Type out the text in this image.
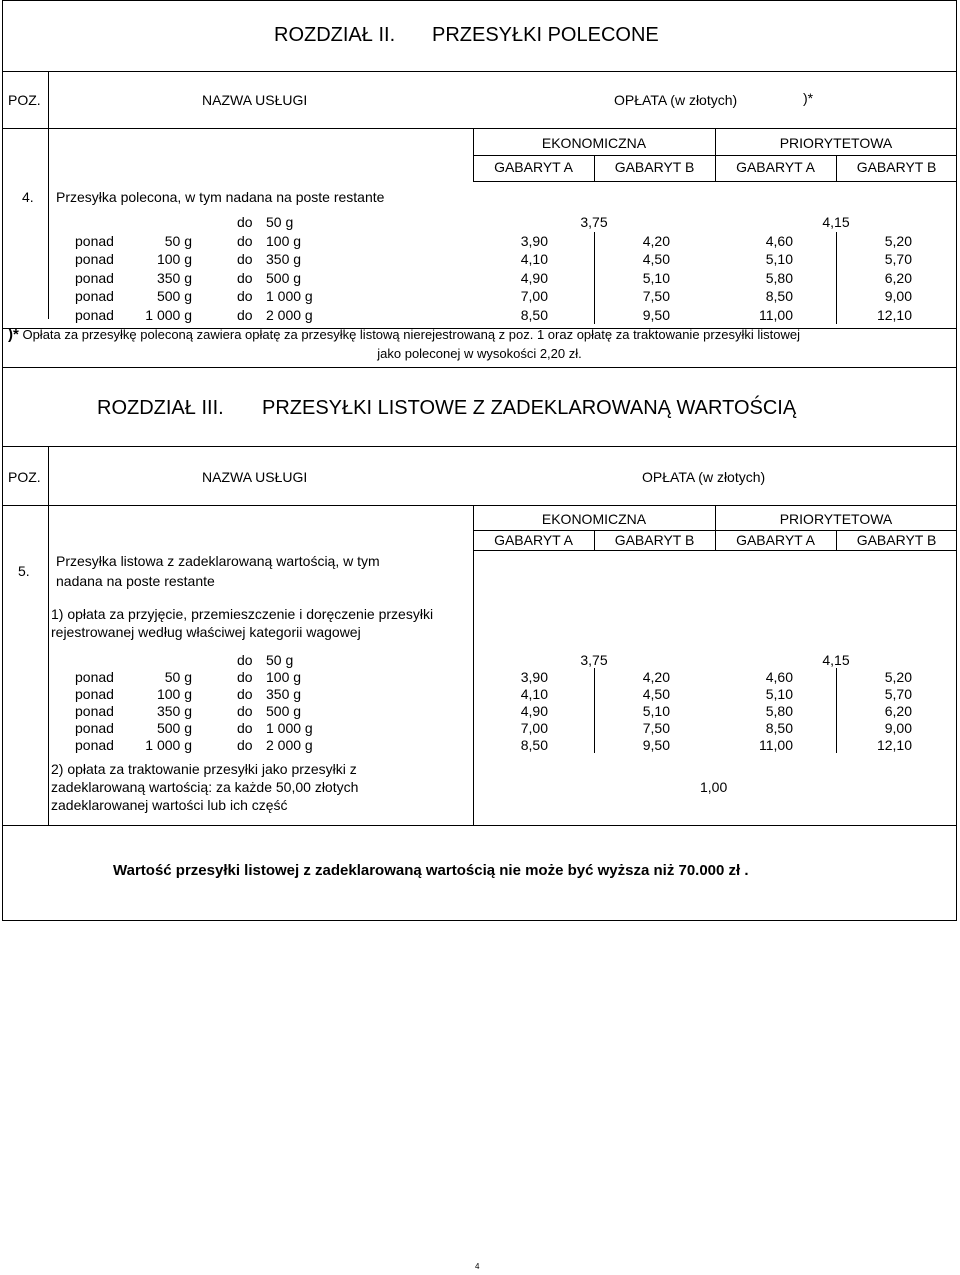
ROZDZIAŁ II. PRZESYŁKI POLECONE
POZ.	NAZWA USŁUGI	OPŁATA (w złotych)	)*
EKONOMICZNA	PRIORYTETOWA
GABARYT A	GABARYT B	GABARYT A	GABARYT B
4. Przesyłka polecona, w tym nadana na poste restante
do 50 g	3,75	4,15
ponad	50 g	do 100 g	3,90	4,20	4,60	5,20
ponad	100 g	do 350 g	4,10	4,50	5,10	5,70
ponad	350 g	do 500 g	4,90	5,10	5,80	6,20
ponad	500 g	do 1 000 g	7,00	7,50	8,50	9,00
ponad	1 000 g	do 2 000 g	8,50	9,50	11,00	12,10
)* Opłata za przesyłkę poleconą zawiera opłatę za przesyłkę listową nierejestrowaną z poz. 1 oraz opłatę za traktowanie przesyłki listowej
jako poleconej w wysokości 2,20 zł.
ROZDZIAŁ III. PRZESYŁKI LISTOWE Z ZADEKLAROWANĄ WARTOŚCIĄ
POZ.	NAZWA USŁUGI	OPŁATA (w złotych)
EKONOMICZNA	PRIORYTETOWA
GABARYT A	GABARYT B	GABARYT A	GABARYT B
5.
Przesyłka listowa z zadeklarowaną wartością, w tym
nadana na poste restante
1) opłata za przyjęcie, przemieszczenie i doręczenie przesyłki
rejestrowanej według właściwej kategorii wagowej
do 50 g	3,75	4,15
ponad	50 g	do 100 g	3,90	4,20	4,60	5,20
ponad	100 g	do 350 g	4,10	4,50	5,10	5,70
ponad	350 g	do 500 g	4,90	5,10	5,80	6,20
ponad	500 g	do 1 000 g	7,00	7,50	8,50	9,00
ponad	1 000 g	do 2 000 g	8,50	9,50	11,00	12,10
2) opłata za traktowanie przesyłki jako przesyłki z
zadeklarowaną wartością: za każde 50,00 złotych
zadeklarowanej wartości lub ich część
1,00
Wartość przesyłki listowej z zadeklarowaną wartością nie może być wyższa niż 70.000 zł .
4
